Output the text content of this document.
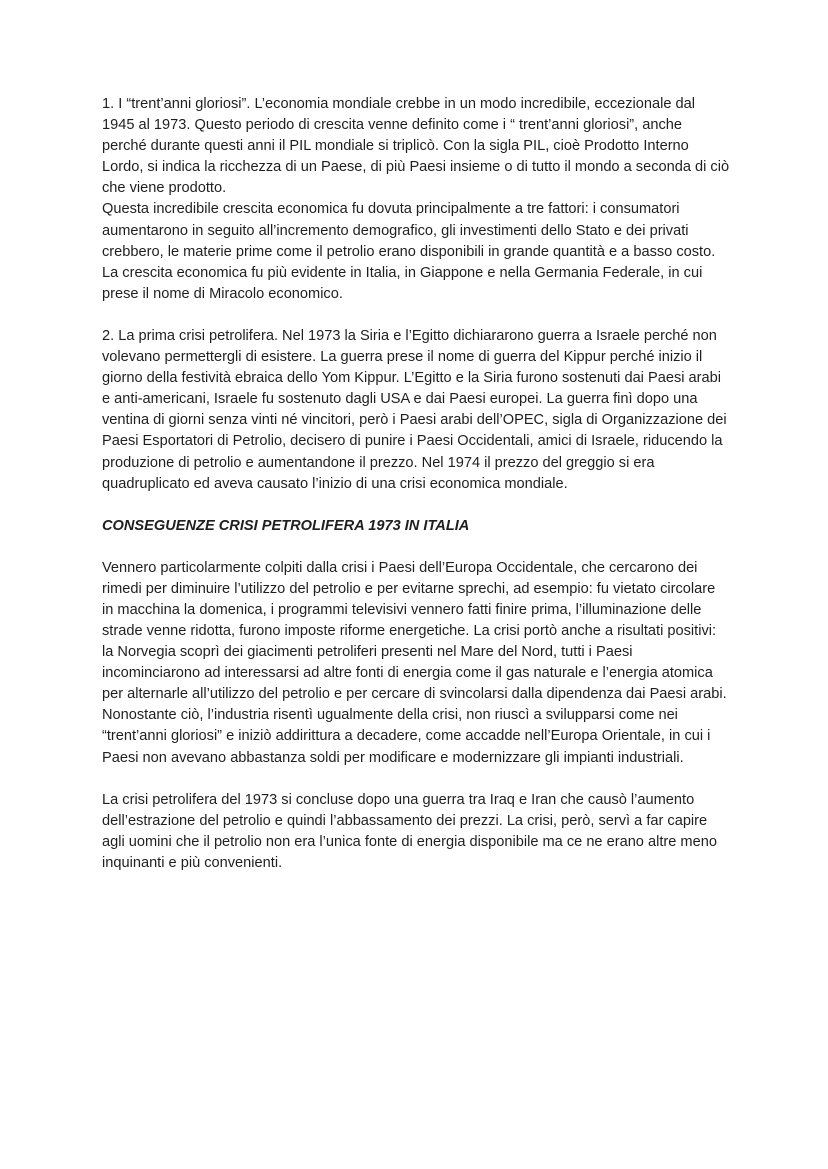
1. I “trent’anni gloriosi”. L’economia mondiale crebbe in un modo incredibile, eccezionale dal 1945 al 1973. Questo periodo di crescita venne definito come i “ trent’anni gloriosi”, anche perché durante questi anni il PIL mondiale si triplicò. Con la sigla PIL, cioè Prodotto Interno Lordo, si indica la ricchezza di un Paese, di più Paesi insieme o di tutto il mondo a seconda di ciò che viene prodotto.

Questa incredibile crescita economica fu dovuta principalmente a tre fattori: i consumatori aumentarono in seguito all’incremento demografico, gli investimenti dello Stato e dei privati crebbero, le materie prime come il petrolio erano disponibili in grande quantità e a basso costo. La crescita economica fu più evidente in Italia, in Giappone e nella Germania Federale, in cui prese il nome di Miracolo economico.

2. La prima crisi petrolifera. Nel 1973 la Siria e l’Egitto dichiararono guerra a Israele perché non volevano permettergli di esistere. La guerra prese il nome di guerra del Kippur perché inizio il giorno della festività ebraica dello Yom Kippur. L’Egitto e la Siria furono sostenuti dai Paesi arabi e anti-americani, Israele fu sostenuto dagli USA e dai Paesi europei. La guerra finì dopo una ventina di giorni senza vinti né vincitori, però i Paesi arabi dell’OPEC, sigla di Organizzazione dei Paesi Esportatori di Petrolio, decisero di punire i Paesi Occidentali, amici di Israele, riducendo la produzione di petrolio e aumentandone il prezzo. Nel 1974 il prezzo del greggio si era quadruplicato ed aveva causato l’inizio di una crisi economica mondiale.

CONSEGUENZE CRISI PETROLIFERA 1973 IN ITALIA

Vennero particolarmente colpiti dalla crisi i Paesi dell’Europa Occidentale, che cercarono dei rimedi per diminuire l’utilizzo del petrolio e per evitarne sprechi, ad esempio: fu vietato circolare in macchina la domenica, i programmi televisivi vennero fatti finire prima, l’illuminazione delle strade venne ridotta, furono imposte riforme energetiche. La crisi portò anche a risultati positivi: la Norvegia scoprì dei giacimenti petroliferi presenti nel Mare del Nord, tutti i Paesi incominciarono ad interessarsi ad altre fonti di energia come il gas naturale e l’energia atomica per alternarle all’utilizzo del petrolio e per cercare di svincolarsi dalla dipendenza dai Paesi arabi. Nonostante ciò, l’industria risentì ugualmente della crisi, non riuscì a svilupparsi come nei “trent’anni gloriosi” e iniziò addirittura a decadere, come accadde nell’Europa Orientale, in cui i Paesi non avevano abbastanza soldi per modificare e modernizzare gli impianti industriali.

La crisi petrolifera del 1973 si concluse dopo una guerra tra Iraq e Iran che causò l’aumento dell’estrazione del petrolio e quindi l’abbassamento dei prezzi. La crisi, però, servì a far capire agli uomini che il petrolio non era l’unica fonte di energia disponibile ma ce ne erano altre meno inquinanti e più convenienti.
